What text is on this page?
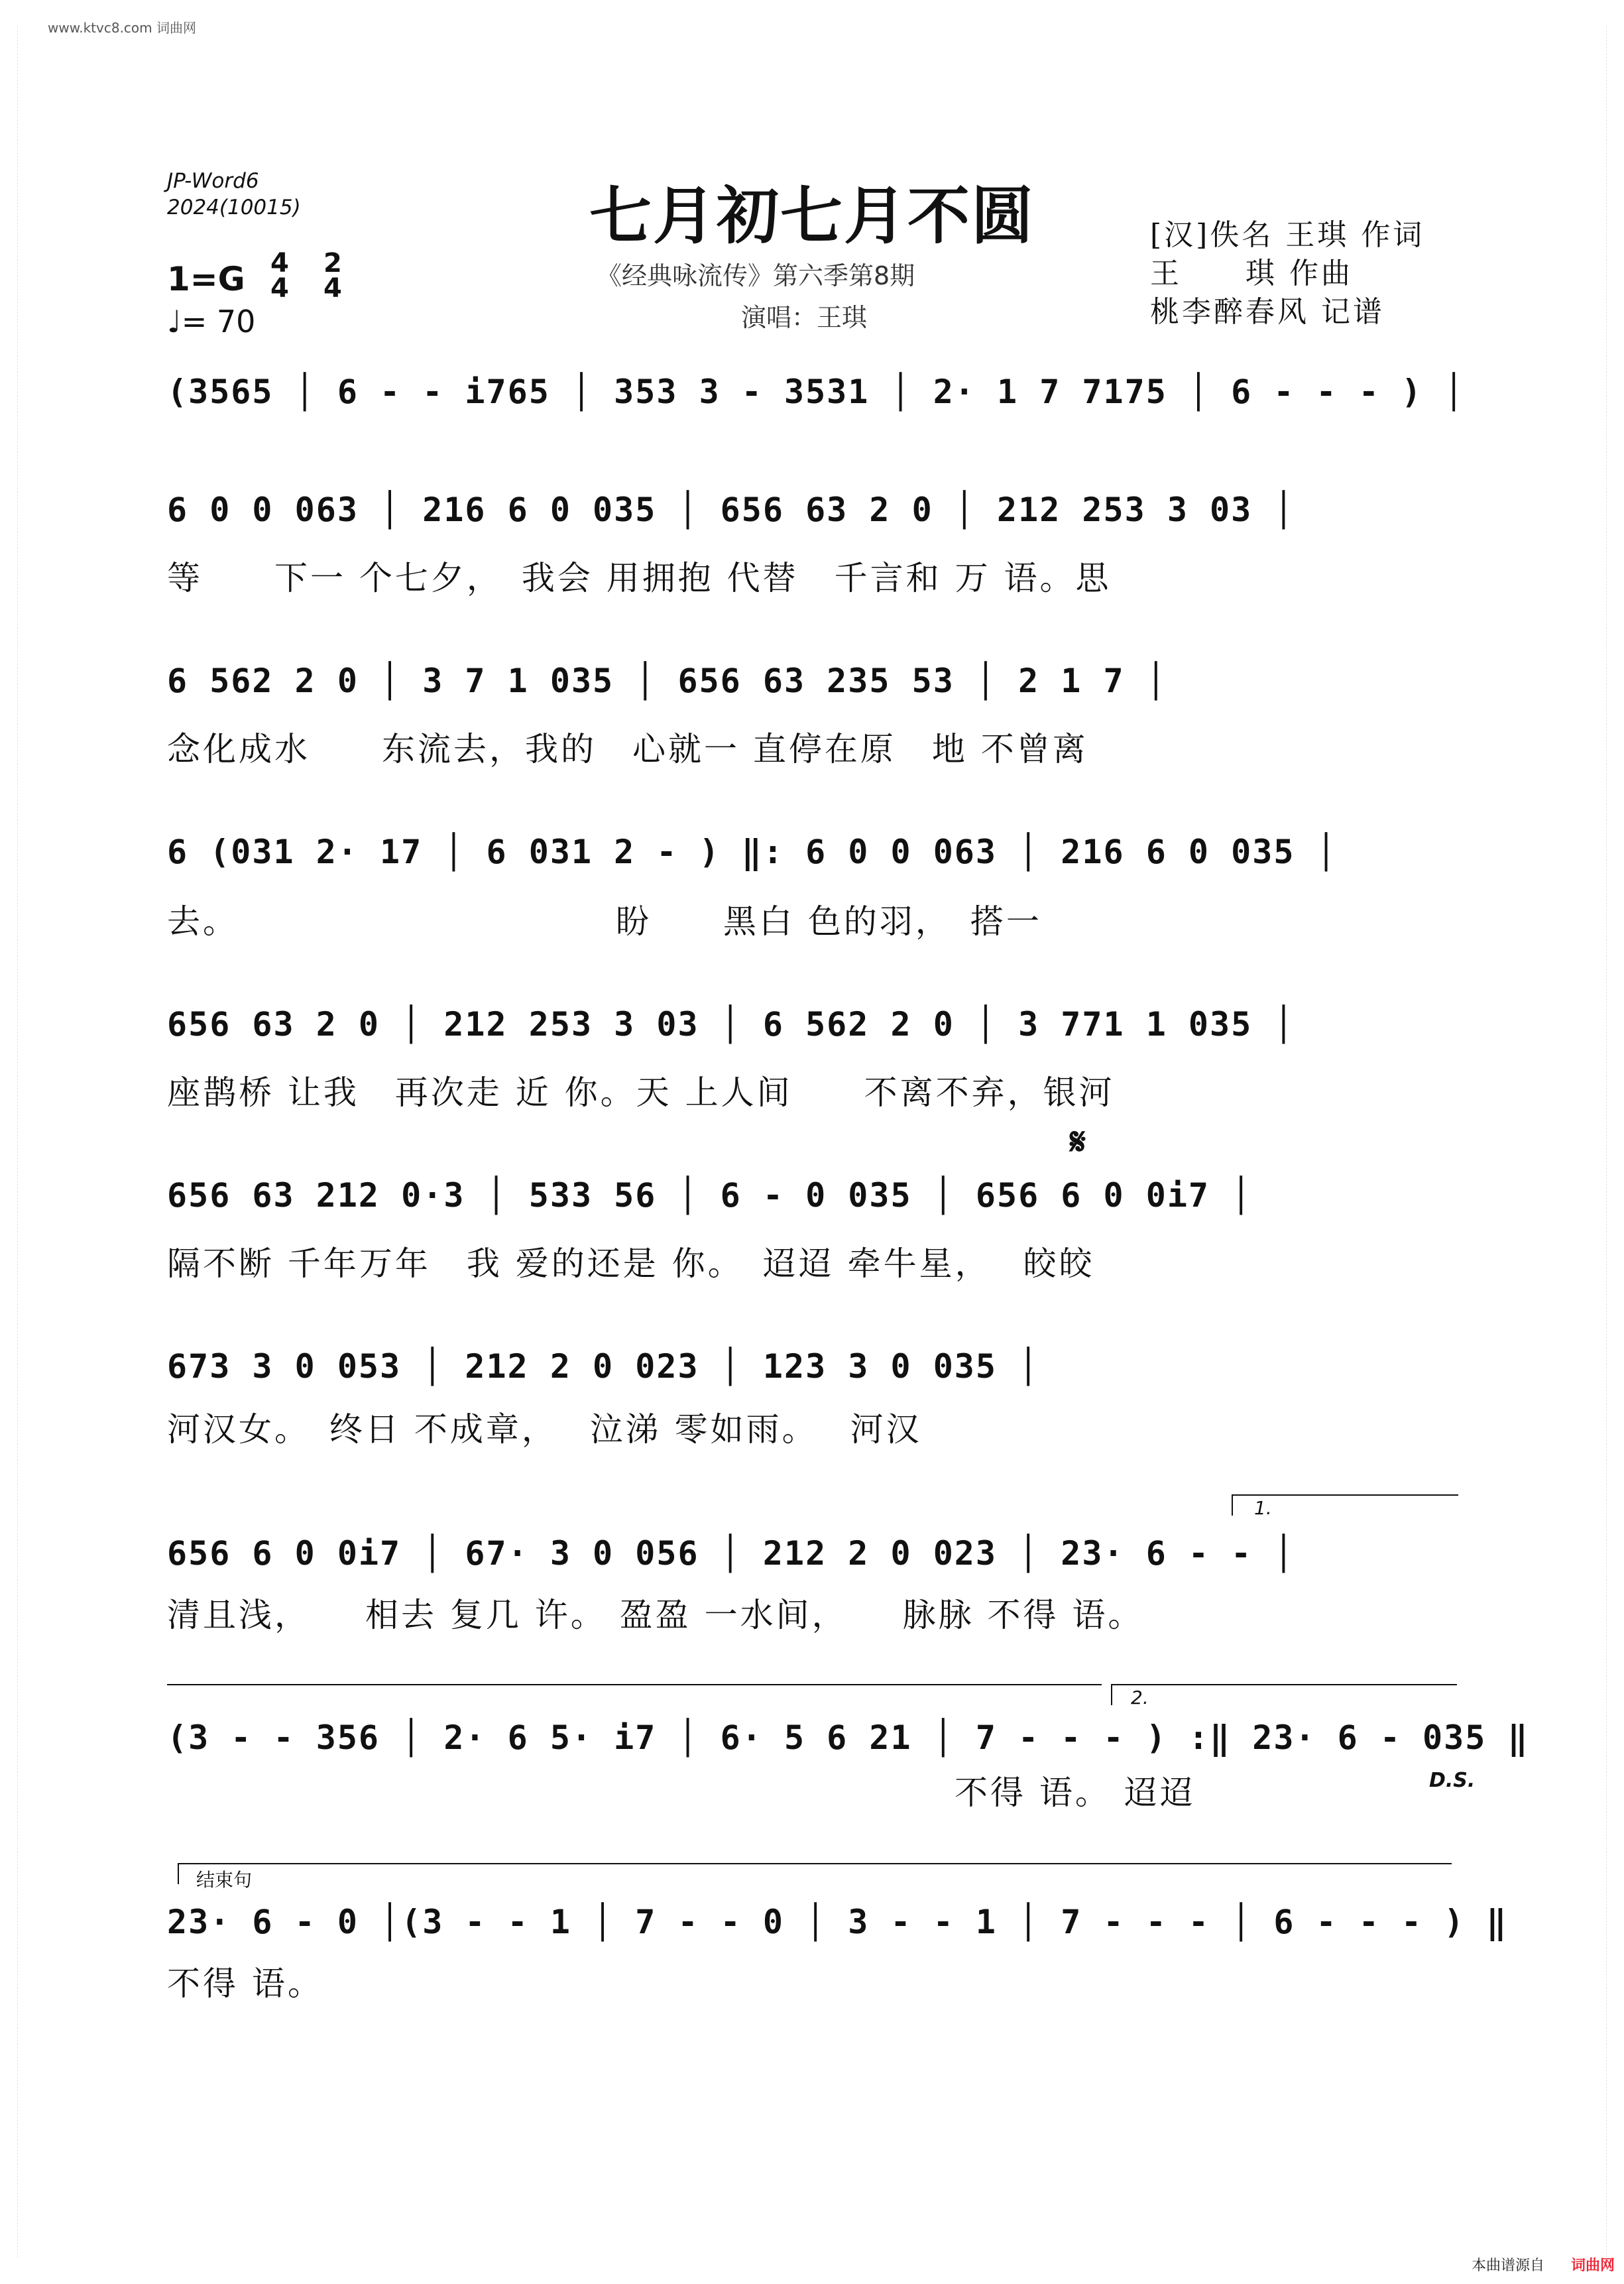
www.ktvc8.com 词曲网
JP-Word6
2024(10015)	七月初七月不圆
《经典咏流传》第六季第8期
演唱：王琪
[汉]佚名 王琪 作词
王　　琪 作曲
桃李醉春风 记谱
1=G 4
4
2
4
♩= 70
(3565 │ 6 - - i765 │ 353 3 - 3531 │ 2· 1 7 7175 │ 6 - - - ) │
6 0 0 063 │ 216 6 0 035 │ 656 63 2 0 │ 212 253 3 03 │
等　　下一 个七夕，　我会 用拥抱 代替　千言和 万 语。思
6 562 2 0 │ 3 7 1 035 │ 656 63 235 53 │ 2 1 7 │
念化成水　　东流去，我的　心就一 直停在原　地 不曾离
6 (031 2· 17 │ 6 031 2 - ) ‖: 6 0 0 063 │ 216 6 0 035 │
去。　　　　　　　　　　　盼　　黑白 色的羽，　搭一
656 63 2 0 │ 212 253 3 03 │ 6 562 2 0 │ 3 771 1 035 │
座鹊桥 让我　再次走 近 你。天 上人间　　不离不弃，银河
𝄋
656 63 212 0·3 │ 533 56 │ 6 - 0 035 │ 656 6 0 0i7 │
隔不断 千年万年　我 爱的还是 你。　迢迢 牵牛星，　 皎皎
673 3 0 053 │ 212 2 0 023 │ 123 3 0 035 │
河汉女。　终日 不成章，　 泣涕 零如雨。　 河汉
1.
656 6 0 0i7 │ 67· 3 0 056 │ 212 2 0 023 │ 23· 6 - - │
清且浅，　　相去 复几 许。 盈盈 一水间，　　脉脉 不得 语。
2.
(3 - - 356 │ 2· 6 5· i7 │ 6· 5 6 21 │ 7 - - - ) :‖ 23· 6 - 035 ‖
　　　　　　　　　　　　　　　　　　　　　　不得 语。 迢迢	D.S.
结束句
23· 6 - 0 │(3 - - 1 │ 7 - - 0 │ 3 - - 1 │ 7 - - - │ 6 - - - ) ‖
不得 语。
本曲谱源自 词曲网
